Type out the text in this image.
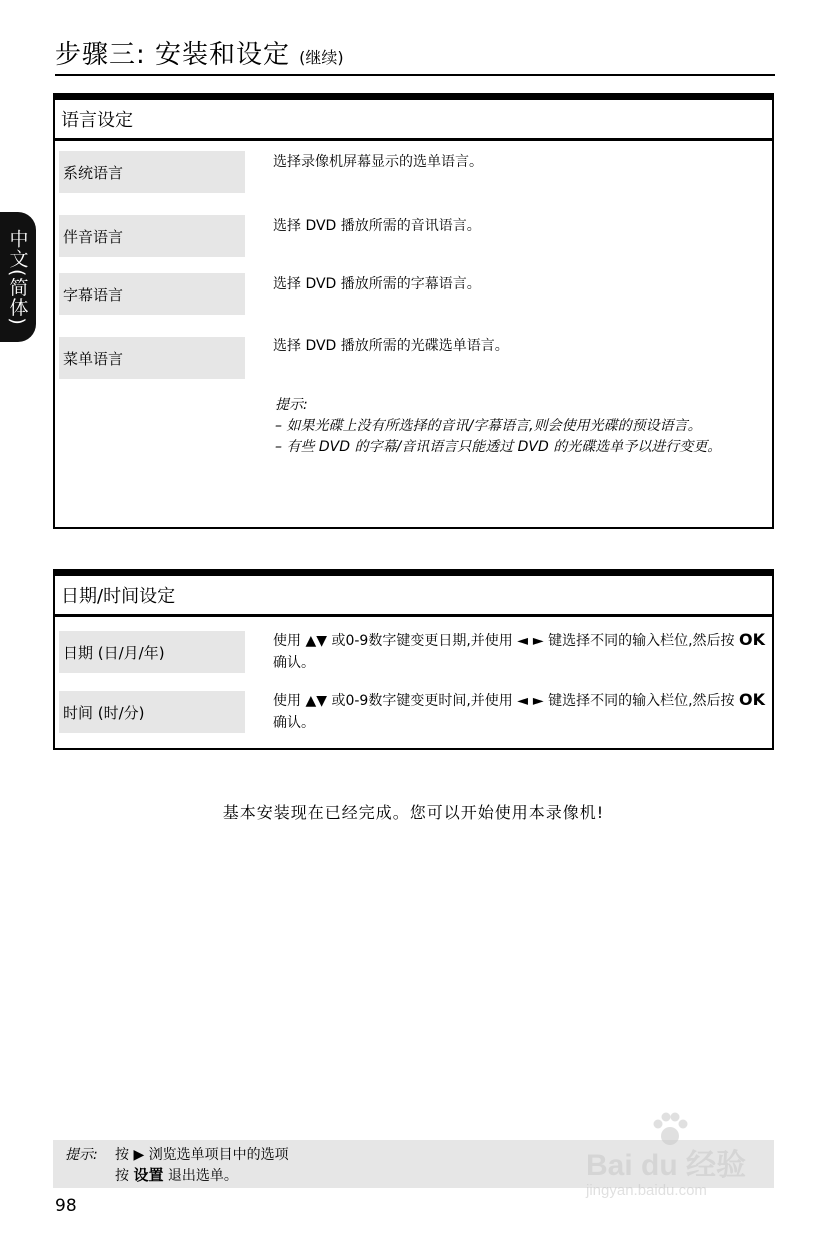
步骤三: 安装和设定 (继续)
中文(简体)
语言设定
系统语言
选择录像机屏幕显示的选单语言。
伴音语言
选择 DVD 播放所需的音讯语言。
字幕语言
选择 DVD 播放所需的字幕语言。
菜单语言
选择 DVD 播放所需的光碟选单语言。
提示:
– 如果光碟上没有所选择的音讯/字幕语言,则会使用光碟的预设语言。
– 有些 DVD 的字幕/音讯语言只能透过 DVD 的光碟选单予以进行变更。
日期/时间设定
日期 (日/月/年)
使用 ▲▼ 或0-9数字键变更日期,并使用 ◄ ► 键选择不同的输入栏位,然后按 OK 确认。
时间 (时/分)
使用 ▲▼ 或0-9数字键变更时间,并使用 ◄ ► 键选择不同的输入栏位,然后按 OK 确认。
基本安装现在已经完成。您可以开始使用本录像机!
提示: 按 ▶ 浏览选单项目中的选项
按 设置 退出选单。
98
Bai du 经验
jingyan.baidu.com
